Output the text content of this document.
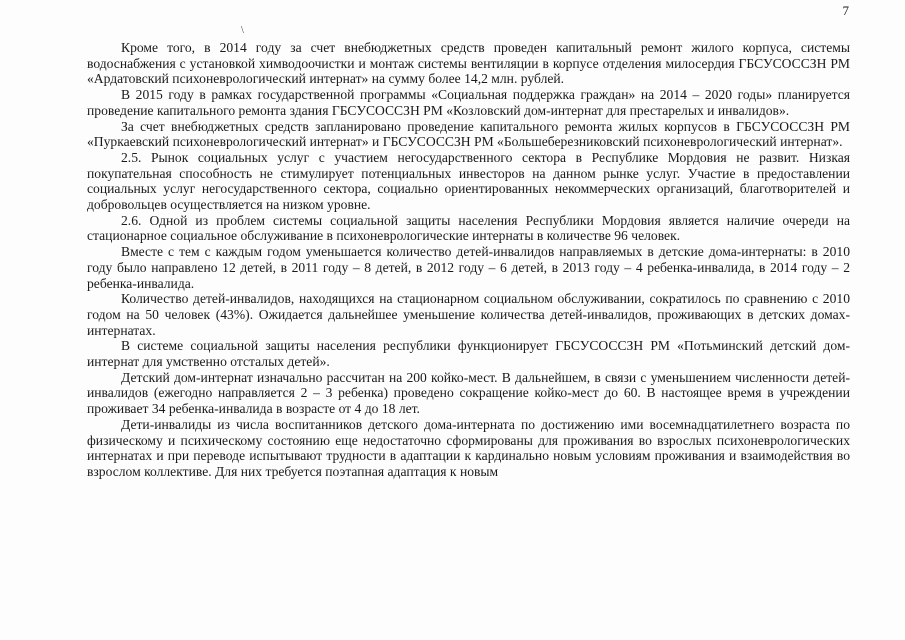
7
\

Кроме того, в 2014 году за счет внебюджетных средств проведен капитальный ремонт жилого корпуса, системы водоснабжения с установкой химводоочистки и монтаж системы вентиляции в корпусе отделения милосердия ГБСУСОССЗН РМ «Ардатовский психоневрологический интернат» на сумму более 14,2 млн. рублей.

В 2015 году в рамках государственной программы «Социальная поддержка граждан» на 2014 – 2020 годы» планируется проведение капитального ремонта здания ГБСУСОССЗН РМ «Козловский дом-интернат для престарелых и инвалидов».

За счет внебюджетных средств запланировано проведение капитального ремонта жилых корпусов в ГБСУСОССЗН РМ «Пуркаевский психоневрологический интернат» и ГБСУСОССЗН РМ «Большеберезниковский психоневрологический интернат».

2.5. Рынок социальных услуг с участием негосударственного сектора в Республике Мордовия не развит. Низкая покупательная способность не стимулирует потенциальных инвесторов на данном рынке услуг. Участие в предоставлении социальных услуг негосударственного сектора, социально ориентированных некоммерческих организаций, благотворителей и добровольцев осуществляется на низком уровне.

2.6. Одной из проблем системы социальной защиты населения Республики Мордовия является наличие очереди на стационарное социальное обслуживание в психоневрологические интернаты в количестве 96 человек.

Вместе с тем с каждым годом уменьшается количество детей-инвалидов направляемых в детские дома-интернаты: в 2010 году было направлено 12 детей, в 2011 году – 8 детей, в 2012 году – 6 детей, в 2013 году – 4 ребенка-инвалида, в 2014 году – 2 ребенка-инвалида.

Количество детей-инвалидов, находящихся на стационарном социальном обслуживании, сократилось по сравнению с 2010 годом на 50 человек (43%). Ожидается дальнейшее уменьшение количества детей-инвалидов, проживающих в детских домах-интернатах.

В системе социальной защиты населения республики функционирует ГБСУСОССЗН РМ «Потьминский детский дом-интернат для умственно отсталых детей».

Детский дом-интернат изначально рассчитан на 200 койко-мест. В дальнейшем, в связи с уменьшением численности детей-инвалидов (ежегодно направляется 2 – 3 ребенка) проведено сокращение койко-мест до 60. В настоящее время в учреждении проживает 34 ребенка-инвалида в возрасте от 4 до 18 лет.

Дети-инвалиды из числа воспитанников детского дома-интерната по достижению ими восемнадцатилетнего возраста по физическому и психическому состоянию еще недостаточно сформированы для проживания во взрослых психоневрологических интернатах и при переводе испытывают трудности в адаптации к кардинально новым условиям проживания и взаимодействия во взрослом коллективе. Для них требуется поэтапная адаптация к новым
